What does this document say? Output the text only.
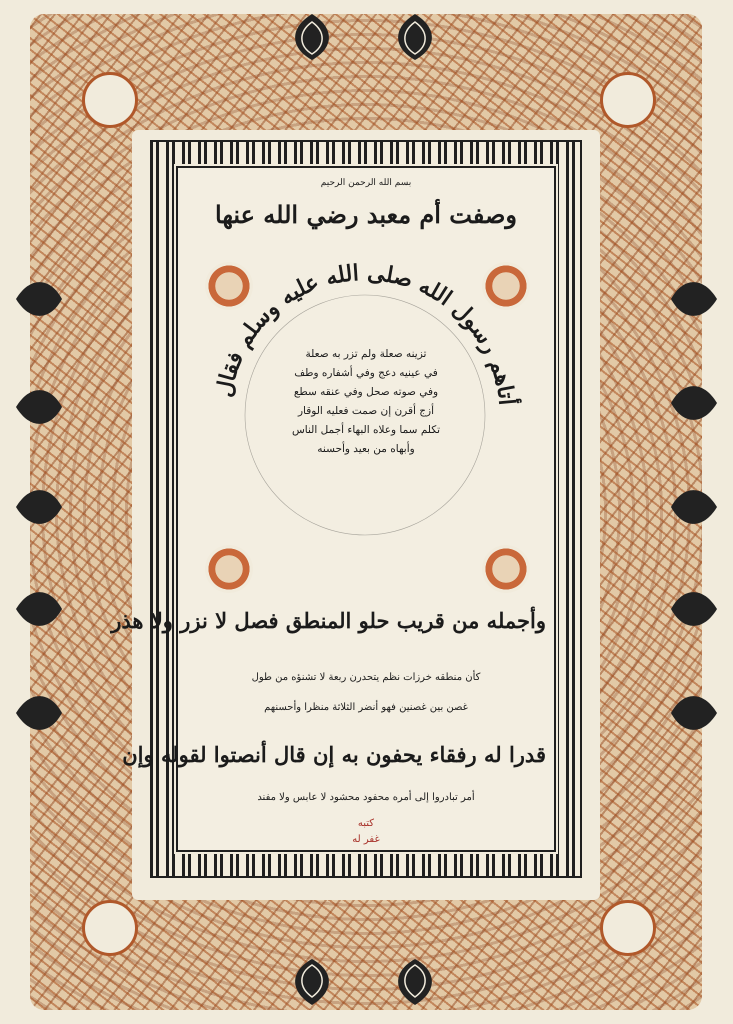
بسم الله الرحمن الرحيم
وصفت أم معبد رضي الله عنها
أتاهم رسول الله صلى الله عليه وسلم فقال
تزينه صعلة ولم تزر به صعلة
في عينيه دعج وفي أشفاره وطف
وفي صوته صحل وفي عنقه سطع
أزج أقرن إن صمت فعليه الوقار
تكلم سما وعلاه البهاء أجمل الناس
وأبهاه من بعيد وأحسنه
وأجمله من قريب حلو المنطق فصل لا نزر ولا هذر
كأن منطقه خرزات نظم يتحدرن ربعة لا تشنؤه من طول
غصن بين غصنين فهو أنضر الثلاثة منظرا وأحسنهم
قدرا له رفقاء يحفون به إن قال أنصتوا لقوله وإن
أمر تبادروا إلى أمره محفود محشود لا عابس ولا مفند
كتبه
غفر له
